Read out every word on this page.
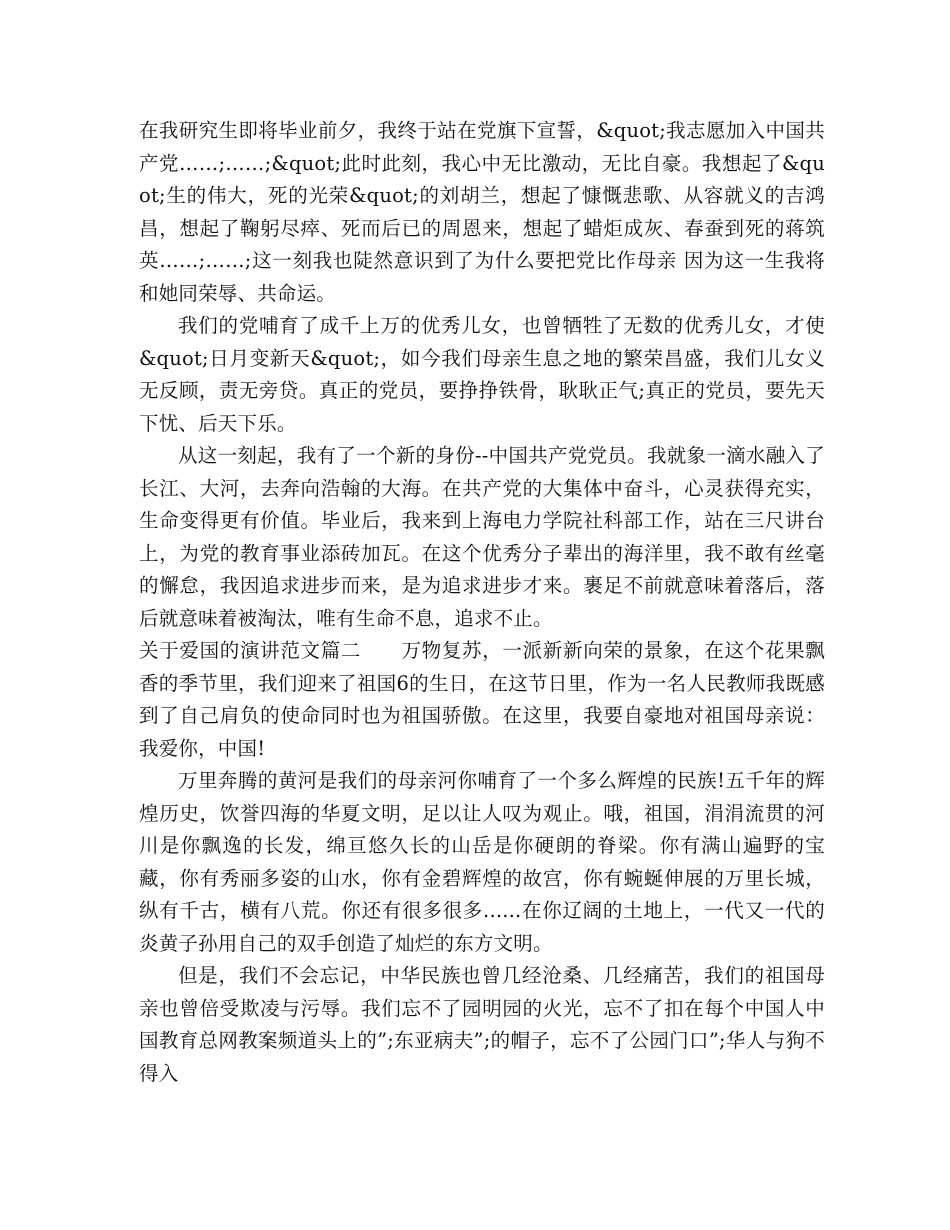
在我研究生即将毕业前夕，我终于站在党旗下宣誓，&quot;我志愿加入中国共产党……;……;&quot;此时此刻，我心中无比激动，无比自豪。我想起了&quot;生的伟大，死的光荣&quot;的刘胡兰，想起了慷慨悲歌、从容就义的吉鸿昌，想起了鞠躬尽瘁、死而后已的周恩来，想起了蜡炬成灰、春蚕到死的蒋筑英……;……;这一刻我也陡然意识到了为什么要把党比作母亲 因为这一生我将和她同荣辱、共命运。

我们的党哺育了成千上万的优秀儿女，也曾牺牲了无数的优秀儿女，才使&quot;日月变新天&quot;，如今我们母亲生息之地的繁荣昌盛，我们儿女义无反顾，责无旁贷。真正的党员，要挣挣铁骨，耿耿正气;真正的党员，要先天下忧、后天下乐。

从这一刻起，我有了一个新的身份--中国共产党党员。我就象一滴水融入了长江、大河，去奔向浩翰的大海。在共产党的大集体中奋斗，心灵获得充实，生命变得更有价值。毕业后，我来到上海电力学院社科部工作，站在三尺讲台上，为党的教育事业添砖加瓦。在这个优秀分子辈出的海洋里，我不敢有丝毫的懈怠，我因追求进步而来，是为追求进步才来。裹足不前就意味着落后，落后就意味着被淘汰，唯有生命不息，追求不止。

关于爱国的演讲范文篇二　　万物复苏，一派新新向荣的景象，在这个花果飘香的季节里，我们迎来了祖国6的生日，在这节日里，作为一名人民教师我既感到了自己肩负的使命同时也为祖国骄傲。在这里，我要自豪地对祖国母亲说：我爱你，中国!

万里奔腾的黄河是我们的母亲河你哺育了一个多么辉煌的民族!五千年的辉煌历史，饮誉四海的华夏文明，足以让人叹为观止。哦，祖国，涓涓流贯的河川是你飘逸的长发，绵亘悠久长的山岳是你硬朗的脊梁。你有满山遍野的宝藏，你有秀丽多姿的山水，你有金碧辉煌的故宫，你有蜿蜒伸展的万里长城，纵有千古，横有八荒。你还有很多很多......在你辽阔的土地上，一代又一代的炎黄子孙用自己的双手创造了灿烂的东方文明。

但是，我们不会忘记，中华民族也曾几经沧桑、几经痛苦，我们的祖国母亲也曾倍受欺凌与污辱。我们忘不了园明园的火光，忘不了扣在每个中国人中国教育总网教案频道头上的”;东亚病夫”;的帽子，忘不了公园门口”;华人与狗不得入
